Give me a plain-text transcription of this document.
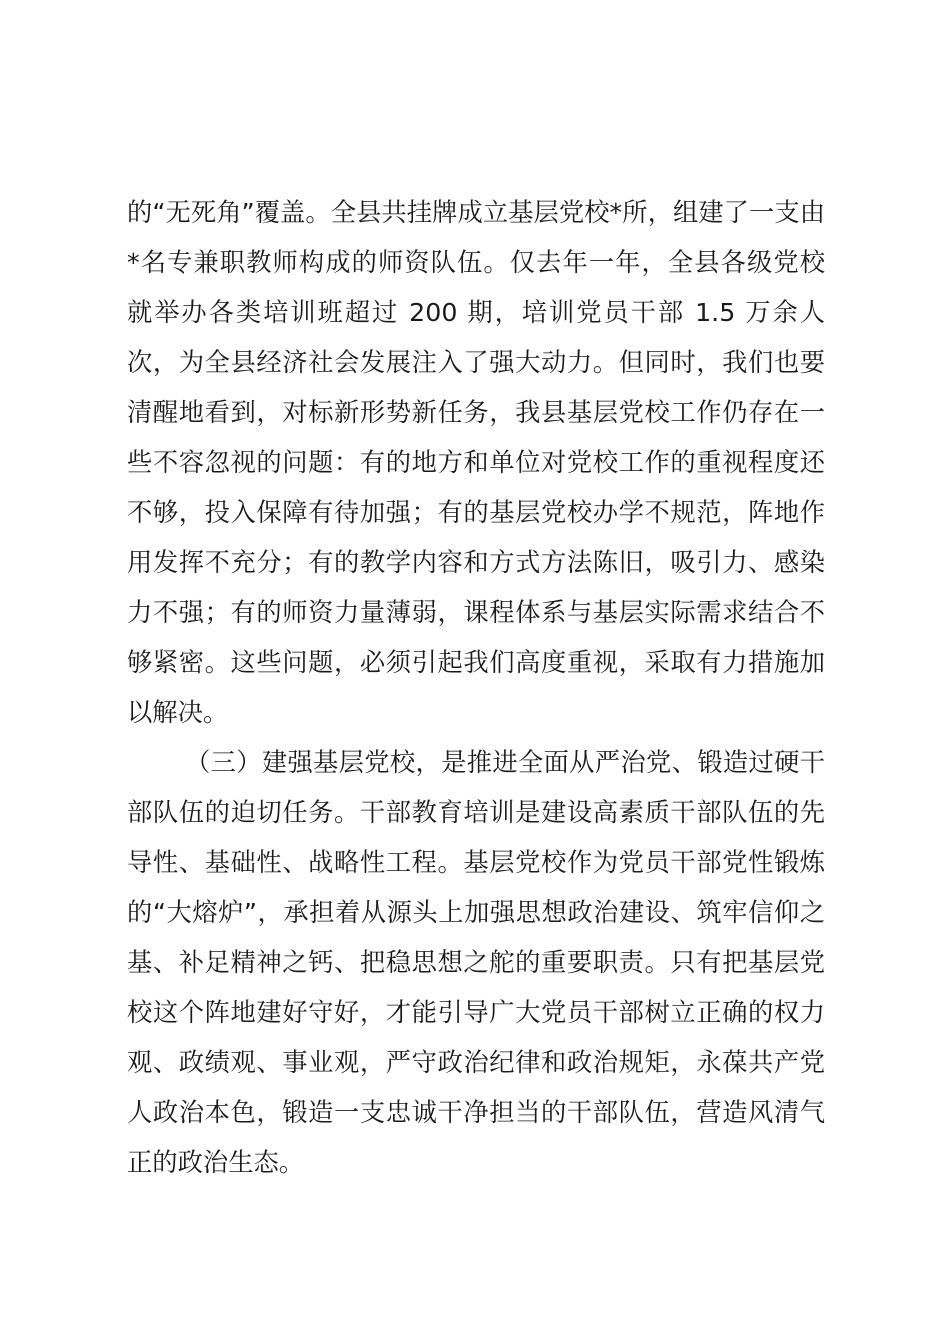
的“无死角”覆盖。全县共挂牌成立基层党校*所，组建了一支由
*名专兼职教师构成的师资队伍。仅去年一年，全县各级党校
就举办各类培训班超过 200 期，培训党员干部 1.5 万余人
次，为全县经济社会发展注入了强大动力。但同时，我们也要
清醒地看到，对标新形势新任务，我县基层党校工作仍存在一
些不容忽视的问题：有的地方和单位对党校工作的重视程度还
不够，投入保障有待加强；有的基层党校办学不规范，阵地作
用发挥不充分；有的教学内容和方式方法陈旧，吸引力、感染
力不强；有的师资力量薄弱，课程体系与基层实际需求结合不
够紧密。这些问题，必须引起我们高度重视，采取有力措施加
以解决。
（三）建强基层党校，是推进全面从严治党、锻造过硬干
部队伍的迫切任务。干部教育培训是建设高素质干部队伍的先
导性、基础性、战略性工程。基层党校作为党员干部党性锻炼
的“大熔炉”，承担着从源头上加强思想政治建设、筑牢信仰之
基、补足精神之钙、把稳思想之舵的重要职责。只有把基层党
校这个阵地建好守好，才能引导广大党员干部树立正确的权力
观、政绩观、事业观，严守政治纪律和政治规矩，永葆共产党
人政治本色，锻造一支忠诚干净担当的干部队伍，营造风清气
正的政治生态。
